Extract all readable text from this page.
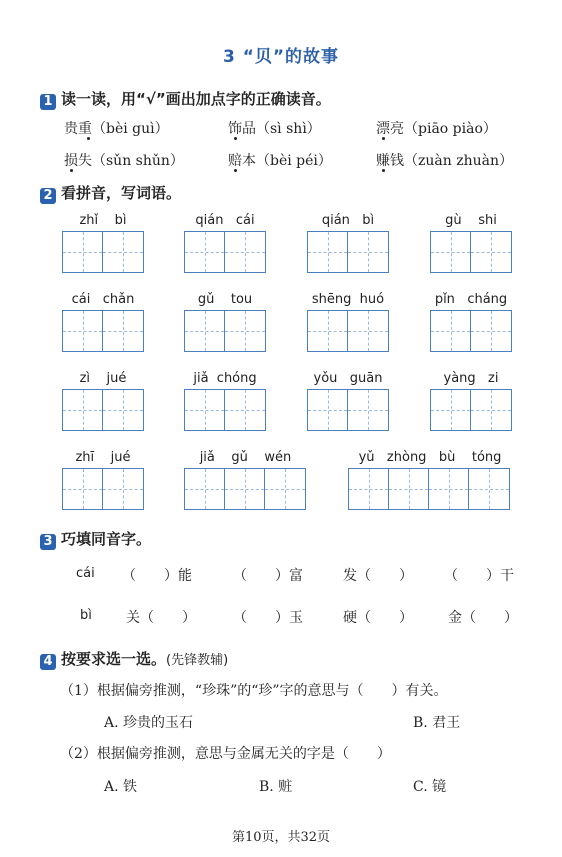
3 “贝”的故事
1 读一读，用“√”画出加点字的正确读音。
贵重（bèi guì）	饰品（sì shì）	漂亮（piāo piào）
损失（sǔn shǔn）	赔本（bèi péi）	赚钱（zuàn zhuàn）
2 看拼音，写词语。
zhǐ    bì	qián   cái	qián   bì	gù    shi
cái   chǎn	gǔ    tou	shēng  huó	pǐn   cháng
zì    jué	jiǎ  chóng	yǒu   guān	yàng   zi
zhī    jué	jiǎ    gǔ    wén	yǔ   zhòng   bù    tóng
3 巧填同音字。
cái （　　）能	（　　）富	发（　　） （　　）干
bì 关（　　）	（　　）玉	硬（　　）	金（　　）
4 按要求选一选。(先锋教辅)
（1）根据偏旁推测，“珍珠”的“珍”字的意思与（　　）有关。
A. 珍贵的玉石	B. 君王
（2）根据偏旁推测，意思与金属无关的字是（　　）
A. 铁	B. 赃	C. 镜
第10页，共32页
